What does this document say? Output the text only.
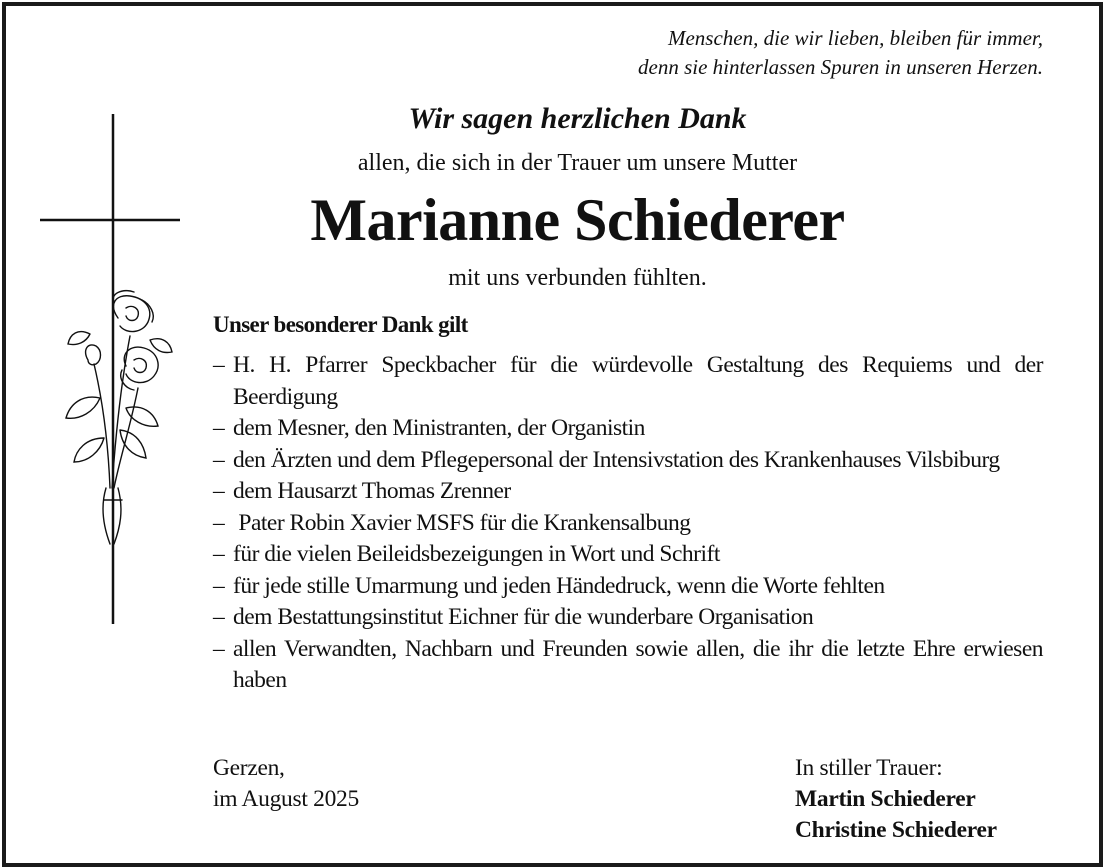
Menschen, die wir lieben, bleiben für immer,
denn sie hinterlassen Spuren in unseren Herzen.
Wir sagen herzlichen Dank
allen, die sich in der Trauer um unsere Mutter
Marianne Schiederer
mit uns verbunden fühlten.
Unser besonderer Dank gilt
– H. H. Pfarrer Speckbacher für die würdevolle Gestaltung des Requiems und der Beerdigung
– dem Mesner, den Ministranten, der Organistin
– den Ärzten und dem Pflegepersonal der Intensivstation des Krankenhauses Vilsbiburg
– dem Hausarzt Thomas Zrenner
– Pater Robin Xavier MSFS für die Krankensalbung
– für die vielen Beileidsbezeigungen in Wort und Schrift
– für jede stille Umarmung und jeden Händedruck, wenn die Worte fehlten
– dem Bestattungsinstitut Eichner für die wunderbare Organisation
– allen Verwandten, Nachbarn und Freunden sowie allen, die ihr die letzte Ehre erwiesen haben
Gerzen,
im August 2025
In stiller Trauer:
Martin Schiederer
Christine Schiederer
